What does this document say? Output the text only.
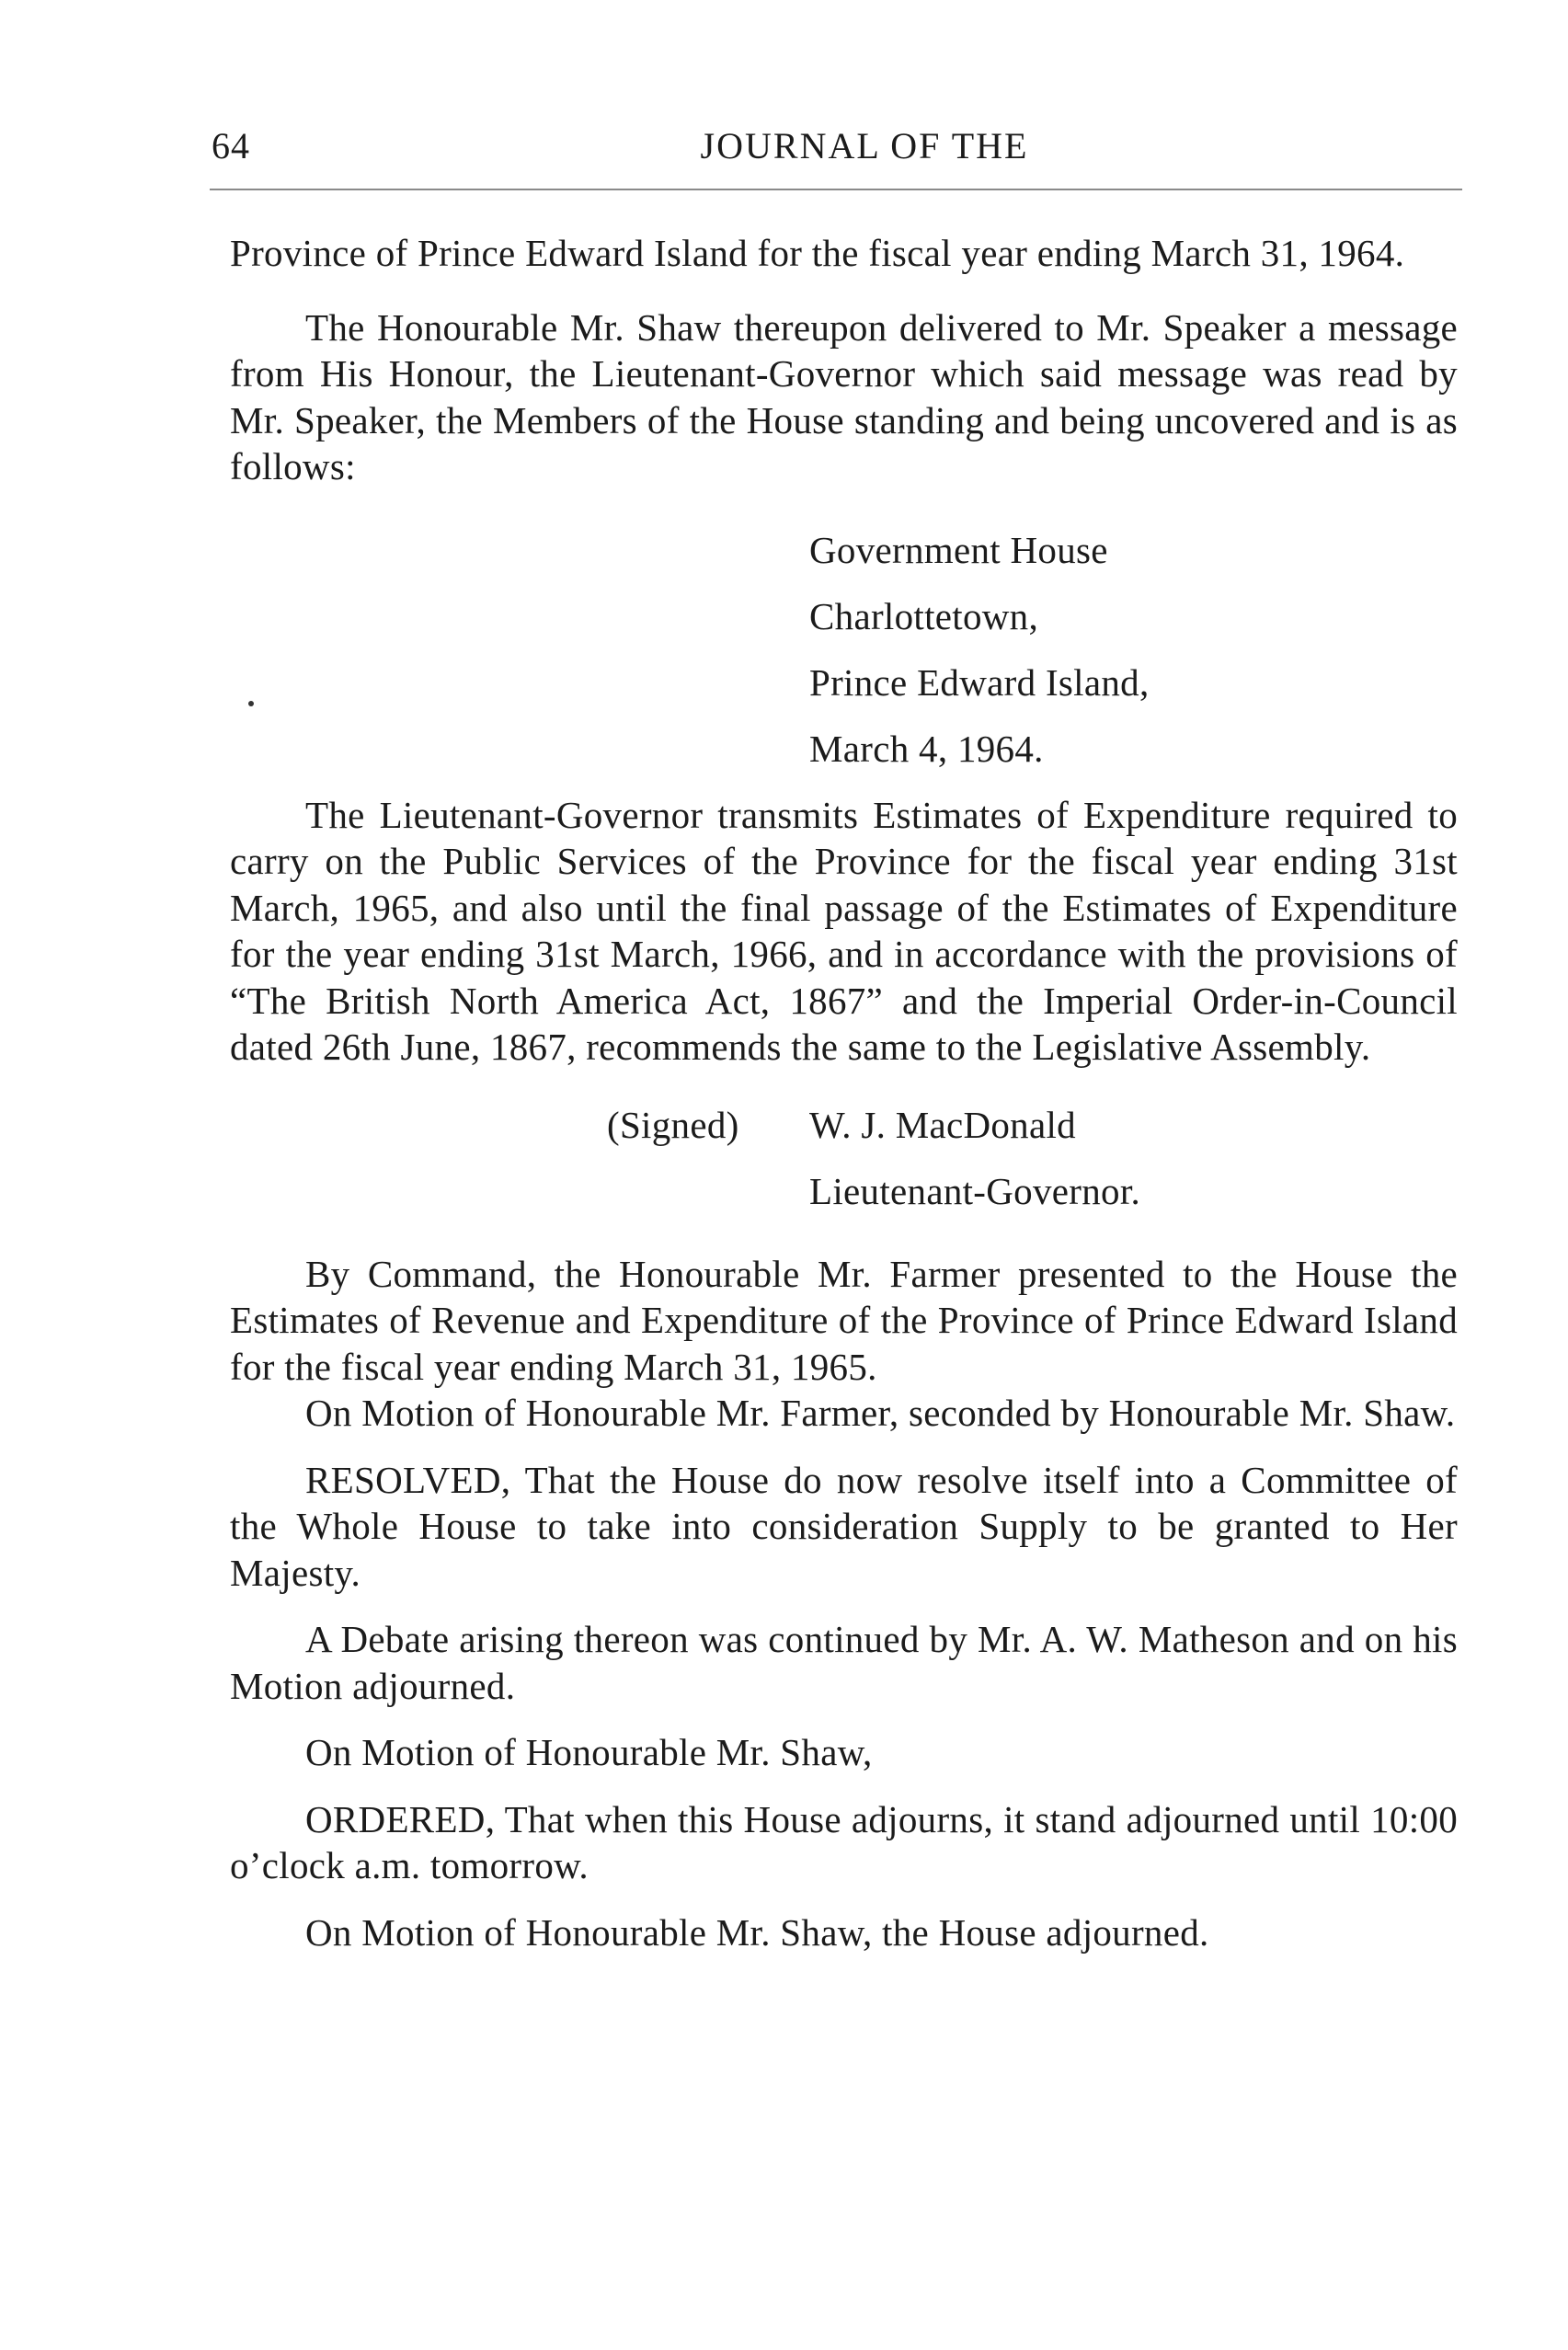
64	JOURNAL OF THE

Province of Prince Edward Island for the fiscal year ending March 31, 1964.

The Honourable Mr. Shaw thereupon delivered to Mr. Speaker a message from His Honour, the Lieutenant-Governor which said message was read by Mr. Speaker, the Members of the House standing and being uncovered and is as follows:

Government House
Charlottetown,
Prince Edward Island,
March 4, 1964.

The Lieutenant-Governor transmits Estimates of Expenditure required to carry on the Public Services of the Province for the fiscal year ending 31st March, 1965, and also until the final passage of the Estimates of Expenditure for the year ending 31st March, 1966, and in accordance with the provisions of “The British North America Act, 1867” and the Imperial Order-in-Council dated 26th June, 1867, recommends the same to the Legislative Assembly.

(Signed) W. J. MacDonald
Lieutenant-Governor.

By Command, the Honourable Mr. Farmer presented to the House the Estimates of Revenue and Expenditure of the Province of Prince Edward Island for the fiscal year ending March 31, 1965.

On Motion of Honourable Mr. Farmer, seconded by Honourable Mr. Shaw.

RESOLVED, That the House do now resolve itself into a Committee of the Whole House to take into consideration Supply to be granted to Her Majesty.

A Debate arising thereon was continued by Mr. A. W. Matheson and on his Motion adjourned.

On Motion of Honourable Mr. Shaw,

ORDERED, That when this House adjourns, it stand adjourned until 10:00 o’clock a.m. tomorrow.

On Motion of Honourable Mr. Shaw, the House adjourned.
